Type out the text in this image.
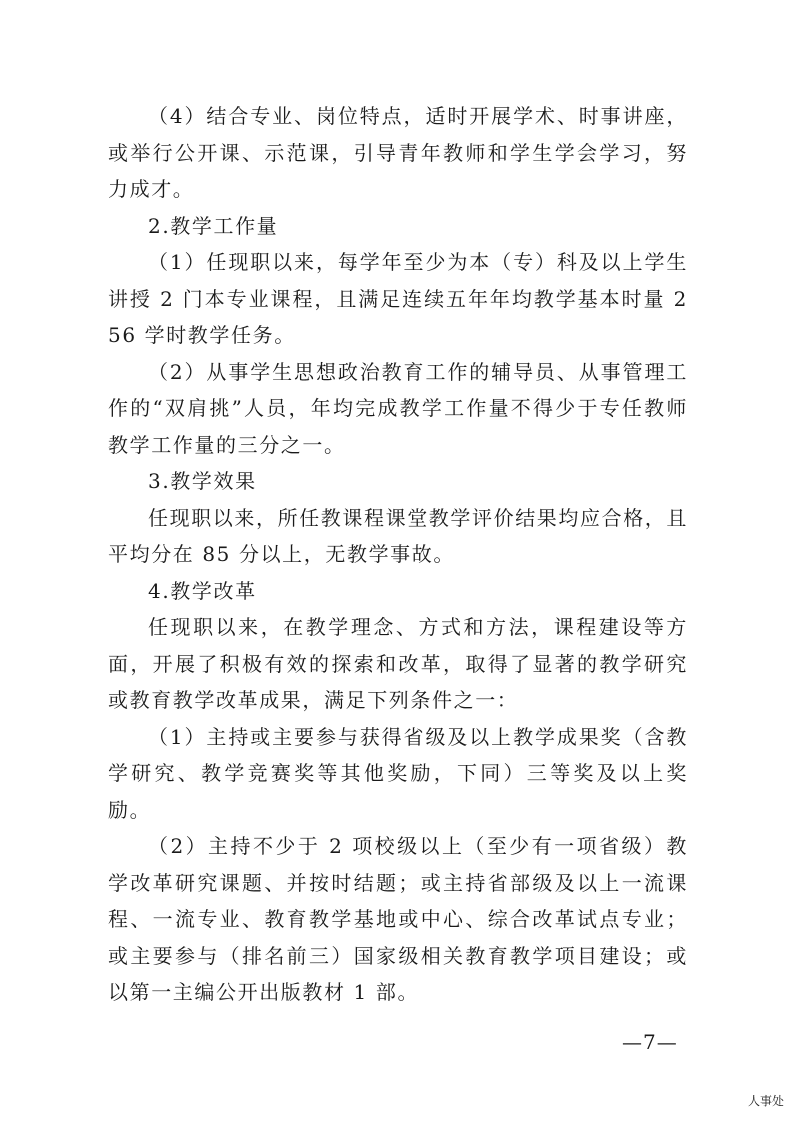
（4）结合专业、岗位特点，适时开展学术、时事讲座，或举行公开课、示范课，引导青年教师和学生学会学习，努力成才。

2.教学工作量

（1）任现职以来，每学年至少为本（专）科及以上学生讲授 2 门本专业课程，且满足连续五年年均教学基本时量 256 学时教学任务。

（2）从事学生思想政治教育工作的辅导员、从事管理工作的“双肩挑”人员，年均完成教学工作量不得少于专任教师教学工作量的三分之一。

3.教学效果

任现职以来，所任教课程课堂教学评价结果均应合格，且平均分在 85 分以上，无教学事故。

4.教学改革

任现职以来，在教学理念、方式和方法，课程建设等方面，开展了积极有效的探索和改革，取得了显著的教学研究或教育教学改革成果，满足下列条件之一：

（1）主持或主要参与获得省级及以上教学成果奖（含教学研究、教学竞赛奖等其他奖励，下同）三等奖及以上奖励。

（2）主持不少于 2 项校级以上（至少有一项省级）教学改革研究课题、并按时结题；或主持省部级及以上一流课程、一流专业、教育教学基地或中心、综合改革试点专业；或主要参与（排名前三）国家级相关教育教学项目建设；或以第一主编公开出版教材 1 部。

—7—
人事处
